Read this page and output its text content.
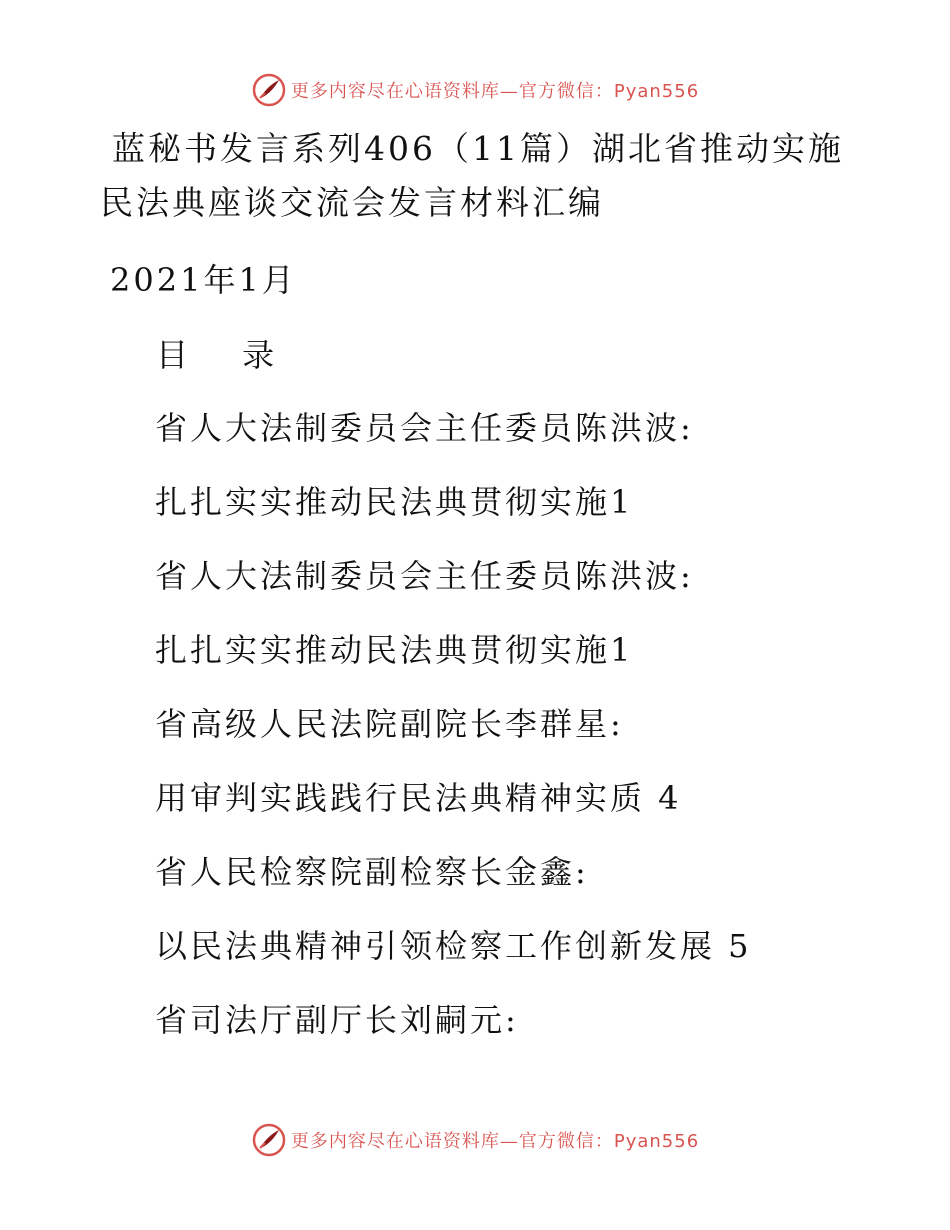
更多内容尽在心语资料库—官方微信：Pyan556
蓝秘书发言系列406（11篇）湖北省推动实施民法典座谈交流会发言材料汇编

2021年1月

目 录

省人大法制委员会主任委员陈洪波:
扎扎实实推动民法典贯彻实施1
省人大法制委员会主任委员陈洪波:
扎扎实实推动民法典贯彻实施1
省高级人民法院副院长李群星:
用审判实践践行民法典精神实质 4
省人民检察院副检察长金鑫:
以民法典精神引领检察工作创新发展 5
省司法厅副厅长刘嗣元:
更多内容尽在心语资料库—官方微信：Pyan556
